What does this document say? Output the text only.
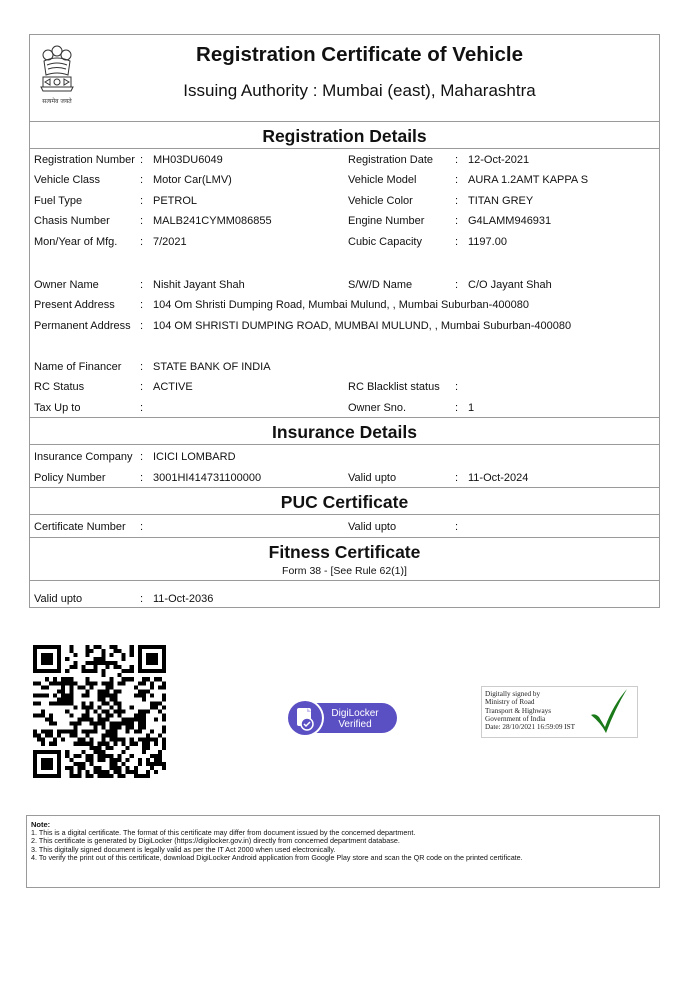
सत्यमेव जयते
Registration Certificate of Vehicle
Issuing Authority : Mumbai (east), Maharashtra
Registration Details
Owner Name	: Nishit Jayant Shah	S/W/D Name	: C/O Jayant Shah
Present Address : 104 Om Shristi Dumping Road, Mumbai Mulund, , Mumbai Suburban-400080
Permanent Address : 104 OM SHRISTI DUMPING ROAD, MUMBAI MULUND, , Mumbai Suburban-400080
Name of Financer : STATE BANK OF INDIA
RC Status	: ACTIVE	RC Blacklist status :
Tax Up to	:	Owner Sno.	: 1
Insurance Details
Insurance Company : ICICI LOMBARD
Policy Number	: 3001HI414731100000	Valid upto	: 11-Oct-2024
PUC Certificate
Certificate Number :	Valid upto	:
Fitness Certificate
Form 38 - [See Rule 62(1)]
Valid upto	: 11-Oct-2036
Registration Number : MH03DU6049	Registration Date : 12-Oct-2021
Vehicle Class	: Motor Car(LMV)	Vehicle Model	: AURA 1.2AMT KAPPA S
Fuel Type	: PETROL	Vehicle Color	: TITAN GREY
Chasis Number	: MALB241CYMM086855	Engine Number	: G4LAMM946931
Mon/Year of Mfg. : 7/2021	Cubic Capacity	: 1197.00
DigiLocker
Verified
Digitally signed by
Ministry of Road
Transport & Highways
Government of India
Date: 28/10/2021 16:59:09 IST
Note:
1. This is a digital certificate. The format of this certificate may differ from document issued by the concerned department.
2. This certificate is generated by DigiLocker (https://digilocker.gov.in) directly from concerned department database.
3. This digitally signed document is legally valid as per the IT Act 2000 when used electronically.
4. To verify the print out of this certificate, download DigiLocker Android application from Google Play store and scan the QR code on the printed certificate.
